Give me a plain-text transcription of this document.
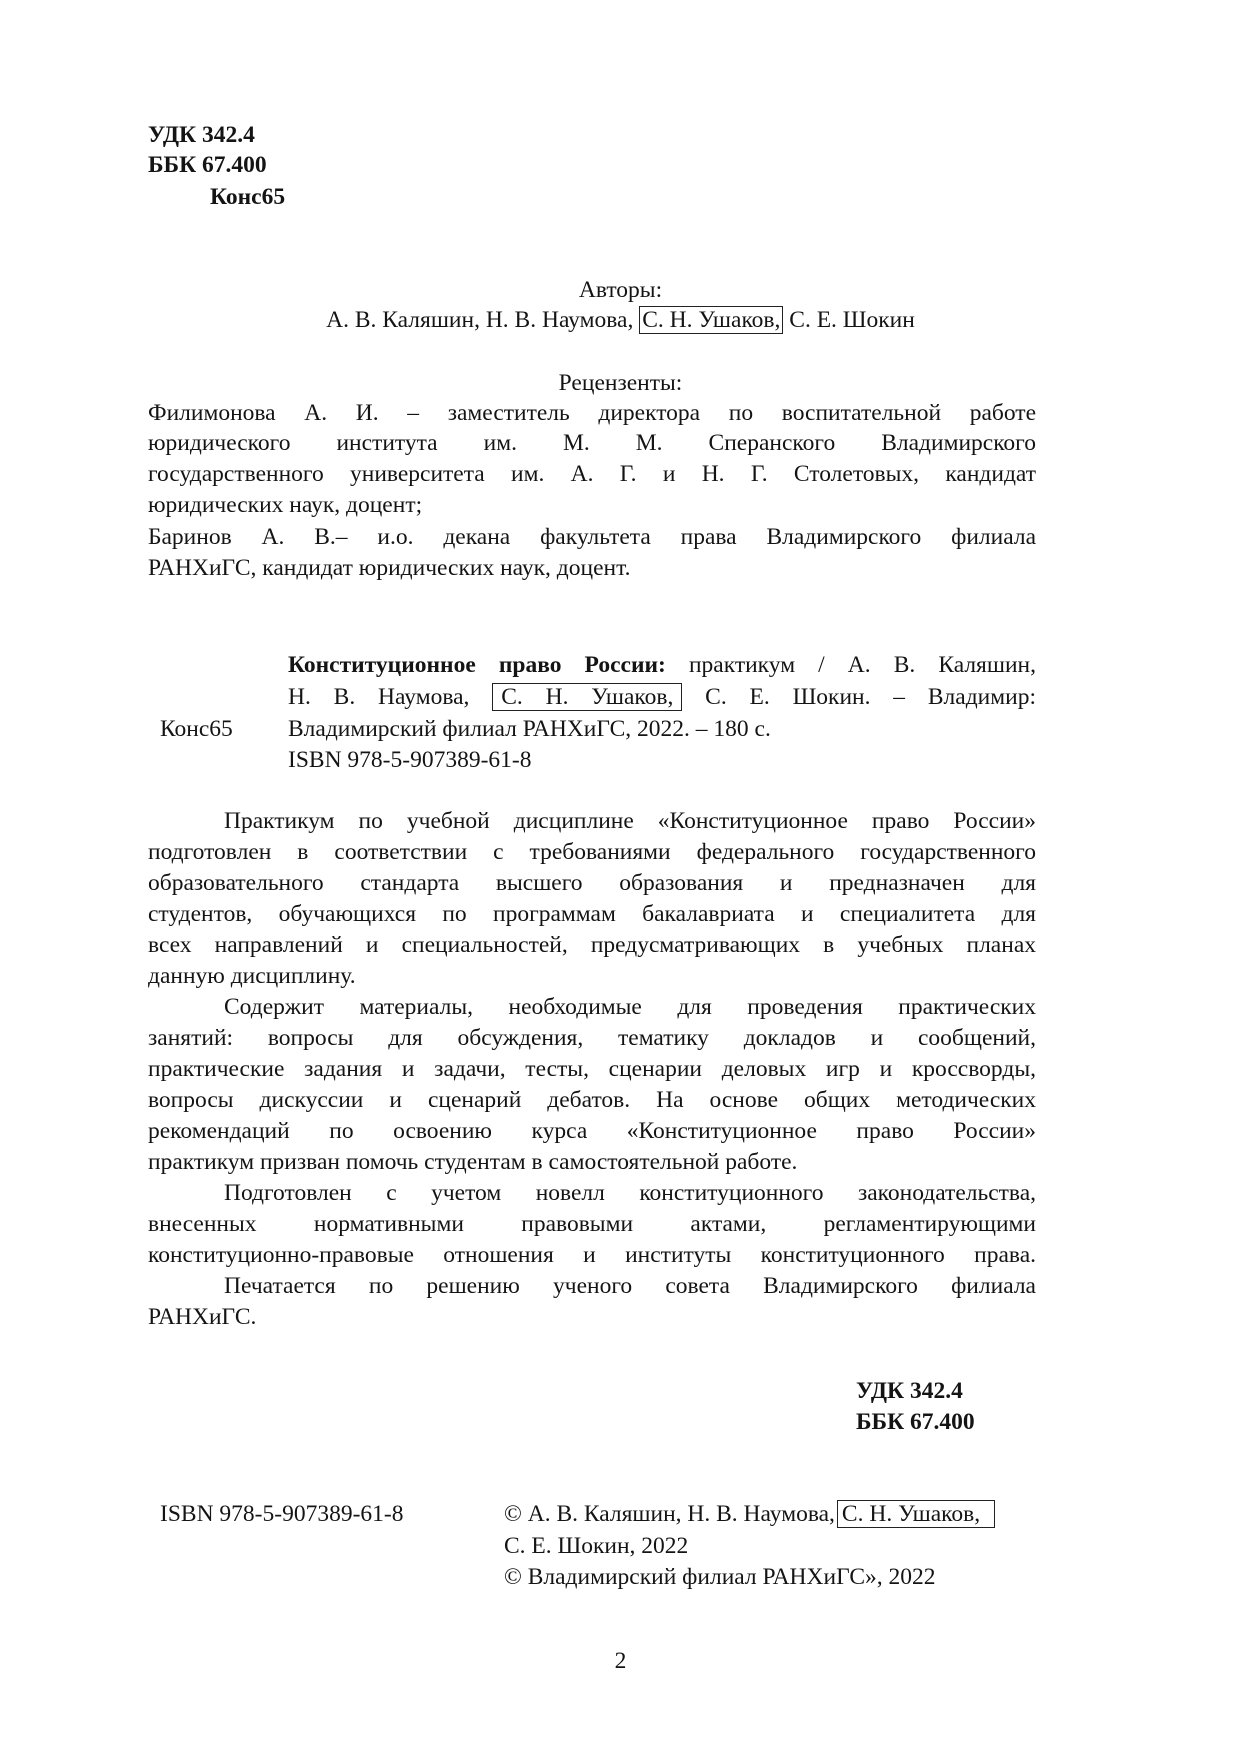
УДК 342.4
ББК 67.400
Конс65
Авторы:
А. В. Каляшин, Н. В. Наумова, С. Н. Ушаков, С. Е. Шокин
Рецензенты:
Филимонова А. И. – заместитель директора по воспитательной работе
юридического института им. М. М. Сперанского Владимирского
государственного университета им. А. Г. и Н. Г. Столетовых, кандидат
юридических наук, доцент;
Баринов А. В.– и.о. декана факультета права Владимирского филиала
РАНХиГС, кандидат юридических наук, доцент.
Конс65
Конституционное право России: практикум / А. В. Каляшин,
Н. В. Наумова, С. Н. Ушаков, С. Е. Шокин. – Владимир:
Владимирский филиал РАНХиГС, 2022. – 180 с.
ISBN 978-5-907389-61-8
Практикум по учебной дисциплине «Конституционное право России»
подготовлен в соответствии с требованиями федерального государственного
образовательного стандарта высшего образования и предназначен для
студентов, обучающихся по программам бакалавриата и специалитета для
всех направлений и специальностей, предусматривающих в учебных планах
данную дисциплину.
Содержит материалы, необходимые для проведения практических
занятий: вопросы для обсуждения, тематику докладов и сообщений,
практические задания и задачи, тесты, сценарии деловых игр и кроссворды,
вопросы дискуссии и сценарий дебатов. На основе общих методических
рекомендаций по освоению курса «Конституционное право России»
практикум призван помочь студентам в самостоятельной работе.
Подготовлен с учетом новелл конституционного законодательства,
внесенных нормативными правовыми актами, регламентирующими
конституционно-правовые отношения и институты конституционного права.
Печатается по решению ученого совета Владимирского филиала
РАНХиГС.
УДК 342.4
ББК 67.400
ISBN 978-5-907389-61-8	© А. В. Каляшин, Н. В. Наумова, С. Н. Ушаков,
С. Е. Шокин, 2022
© Владимирский филиал РАНХиГС», 2022
2
